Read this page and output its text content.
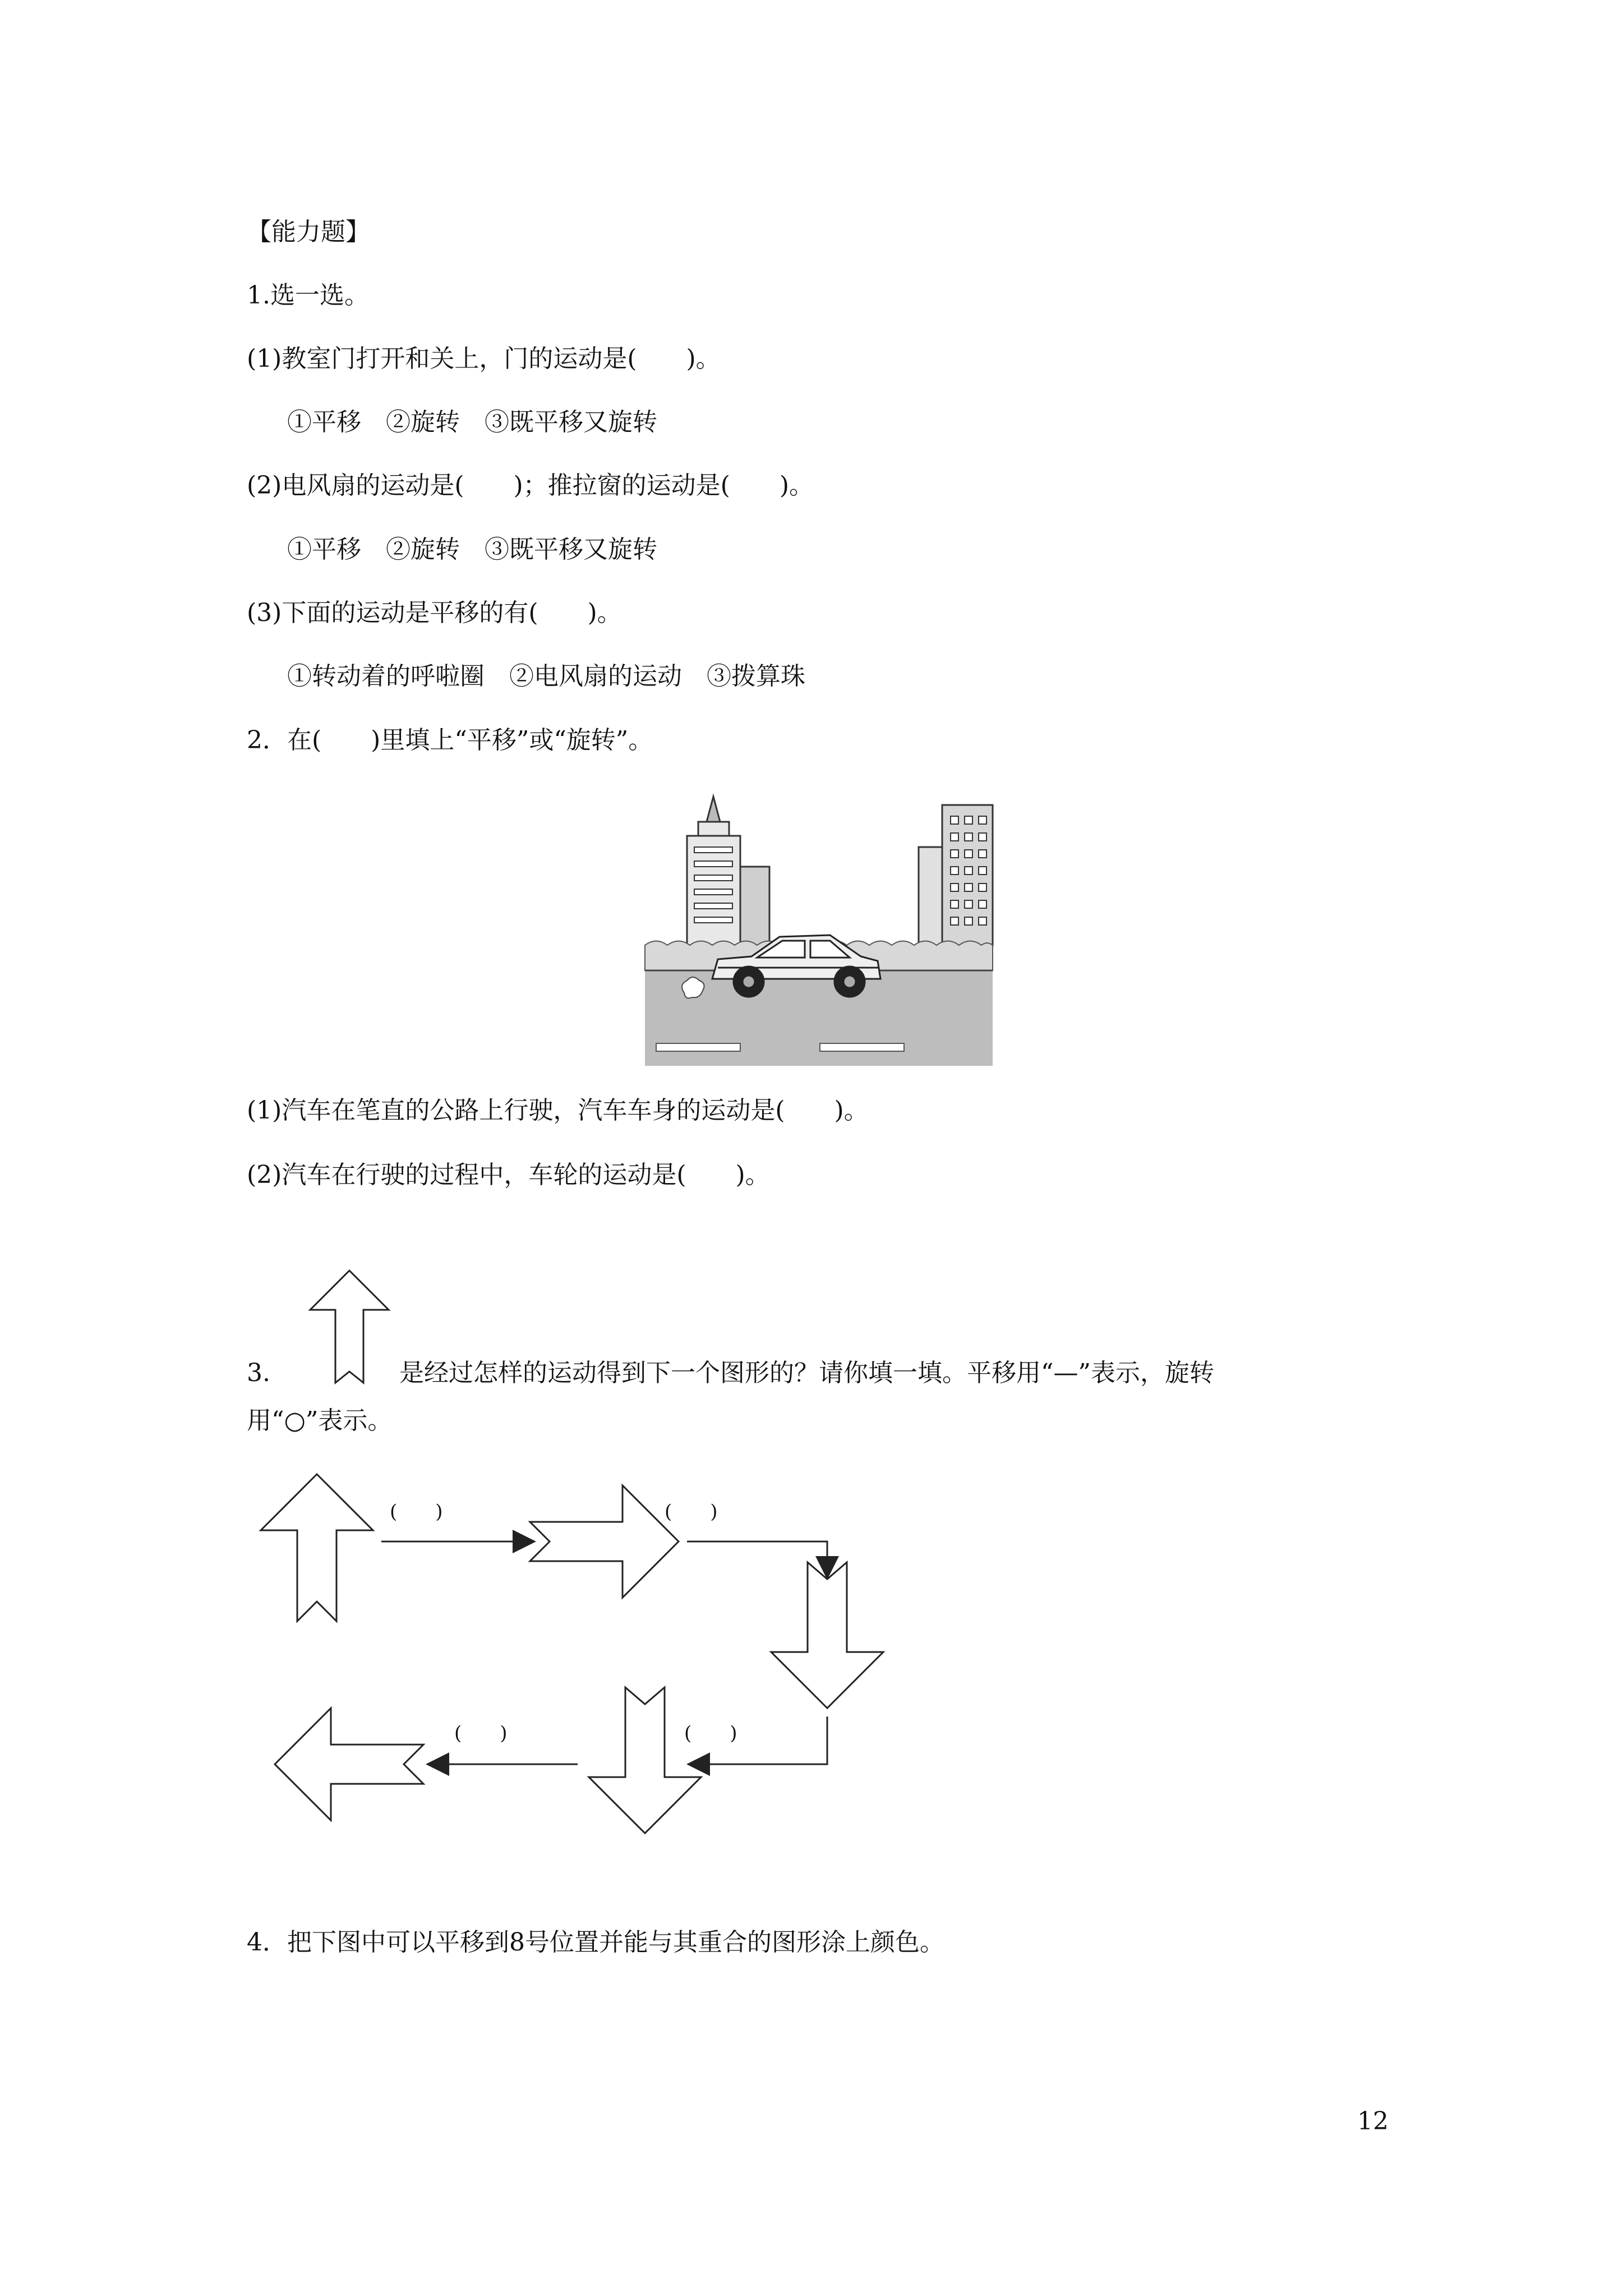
【能力题】
1.选一选。
(1)教室门打开和关上，门的运动是(　　)。
①平移　②旋转　③既平移又旋转
(2)电风扇的运动是(　　)；推拉窗的运动是(　　)。
①平移　②旋转　③既平移又旋转
(3)下面的运动是平移的有(　　)。
①转动着的呼啦圈　②电风扇的运动　③拨算珠
2．在(　　)里填上“平移”或“旋转”。
(1)汽车在笔直的公路上行驶，汽车车身的运动是(　　)。
(2)汽车在行驶的过程中，车轮的运动是(　　)。
3.	是经过怎样的运动得到下一个图形的？请你填一填。平移用“—”表示，旋转
用“○”表示。
(　　)	(　　)
(　　)
(　　)
4．把下图中可以平移到8号位置并能与其重合的图形涂上颜色。
12
